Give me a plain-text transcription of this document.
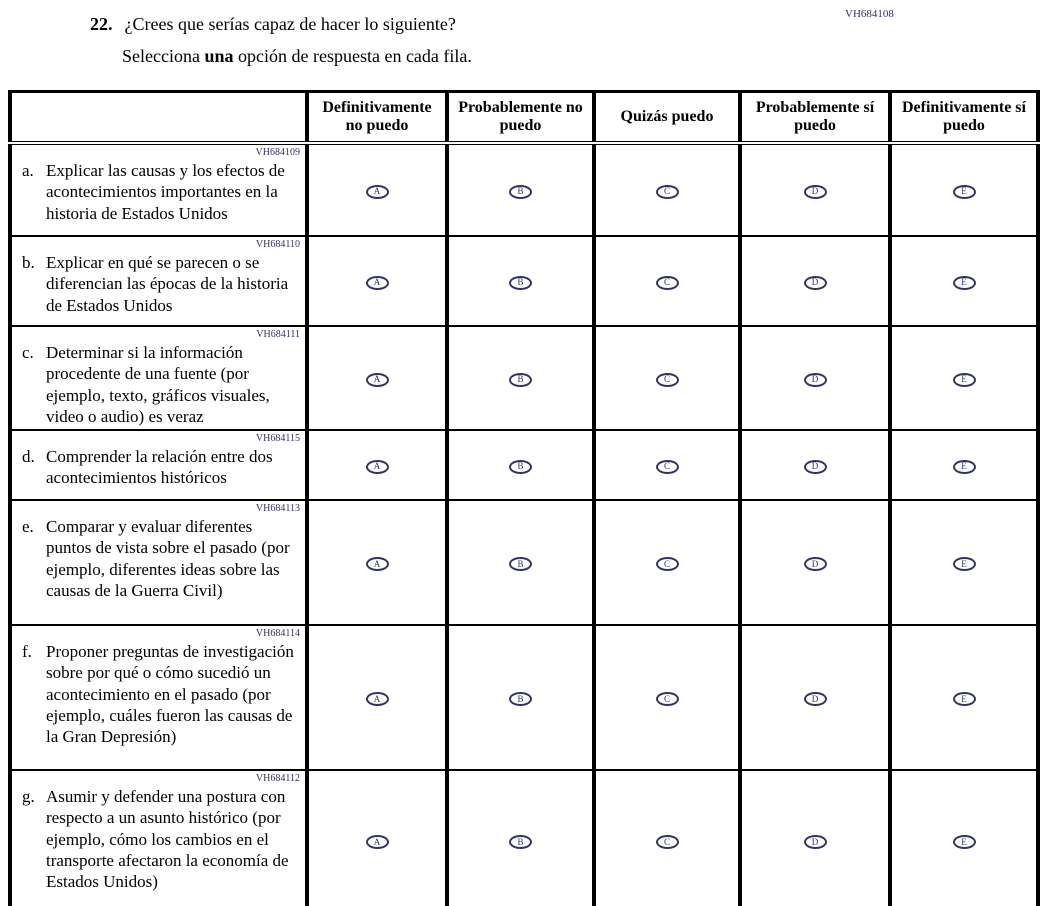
22. ¿Crees que serías capaz de hacer lo siguiente?
Selecciona una opción de respuesta en cada fila.
VH684108
	Definitivamente no puedo	Probablemente no puedo	Quizás puedo	Probablemente sí puedo	Definitivamente sí puedo

VH684109
a. Explicar las causas y los efectos de acontecimientos importantes en la historia de Estados Unidos	A	B	C	D	E

VH684110
b. Explicar en qué se parecen o se diferencian las épocas de la historia de Estados Unidos	A	B	C	D	E

VH684111
c. Determinar si la información procedente de una fuente (por ejemplo, texto, gráficos visuales, video o audio) es veraz	A	B	C	D	E

VH684115
d. Comprender la relación entre dos acontecimientos históricos	A	B	C	D	E

VH684113
e. Comparar y evaluar diferentes puntos de vista sobre el pasado (por ejemplo, diferentes ideas sobre las causas de la Guerra Civil)	A	B	C	D	E

VH684114
f. Proponer preguntas de investigación sobre por qué o cómo sucedió un acontecimiento en el pasado (por ejemplo, cuáles fueron las causas de la Gran Depresión)	A	B	C	D	E

VH684112
g. Asumir y defender una postura con respecto a un asunto histórico (por ejemplo, cómo los cambios en el transporte afectaron la economía de Estados Unidos)	A	B	C	D	E
